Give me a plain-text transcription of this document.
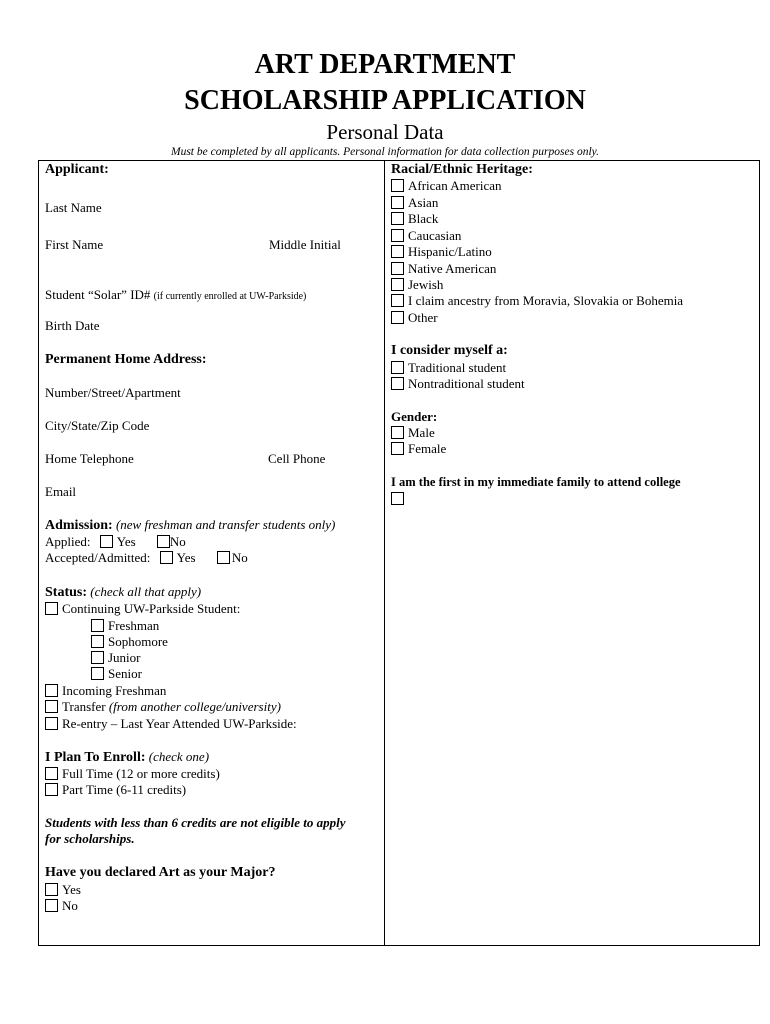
ART DEPARTMENT
SCHOLARSHIP APPLICATION
Personal Data
Must be completed by all applicants. Personal information for data collection purposes only.
Applicant:
Last Name
First Name	Middle Initial
Student “Solar” ID# (if currently enrolled at UW-Parkside)
Birth Date
Permanent Home Address:
Number/Street/Apartment
City/State/Zip Code
Home Telephone	Cell Phone
Email
Admission: (new freshman and transfer students only)
Applied: Yes	No
Accepted/Admitted: Yes	No
Status: (check all that apply)
Continuing UW-Parkside Student:
Freshman
Sophomore
Junior
Senior
Incoming Freshman
Transfer (from another college/university)
Re-entry – Last Year Attended UW-Parkside:
I Plan To Enroll: (check one)
Full Time (12 or more credits)
Part Time (6-11 credits)
Students with less than 6 credits are not eligible to apply
for scholarships.
Have you declared Art as your Major?
Yes
No
Racial/Ethnic Heritage:
African American
Asian
Black
Caucasian
Hispanic/Latino
Native American
Jewish
I claim ancestry from Moravia, Slovakia or Bohemia
Other
I consider myself a:
Traditional student
Nontraditional student
Gender:
Male
Female
I am the first in my immediate family to attend college
